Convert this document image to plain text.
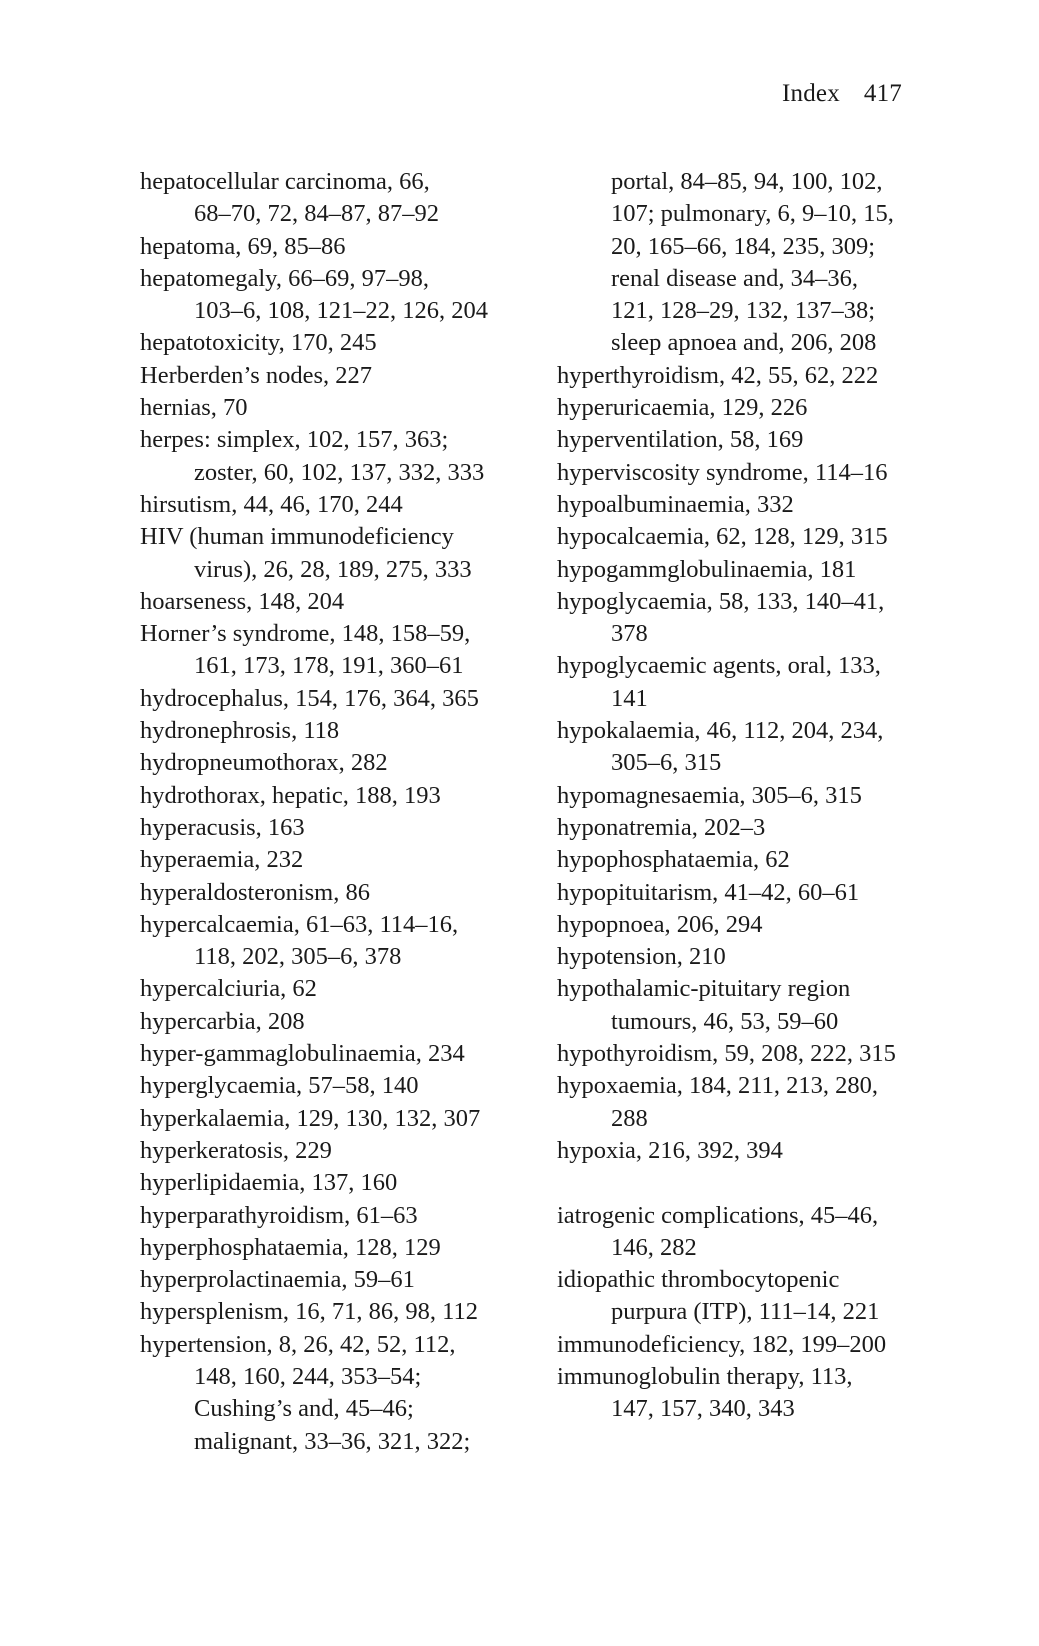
Index 417
hepatocellular carcinoma, 66,
68–70, 72, 84–87, 87–92
hepatoma, 69, 85–86
hepatomegaly, 66–69, 97–98,
103–6, 108, 121–22, 126, 204
hepatotoxicity, 170, 245
Herberden’s nodes, 227
hernias, 70
herpes: simplex, 102, 157, 363;
zoster, 60, 102, 137, 332, 333
hirsutism, 44, 46, 170, 244
HIV (human immunodeficiency
virus), 26, 28, 189, 275, 333
hoarseness, 148, 204
Horner’s syndrome, 148, 158–59,
161, 173, 178, 191, 360–61
hydrocephalus, 154, 176, 364, 365
hydronephrosis, 118
hydropneumothorax, 282
hydrothorax, hepatic, 188, 193
hyperacusis, 163
hyperaemia, 232
hyperaldosteronism, 86
hypercalcaemia, 61–63, 114–16,
118, 202, 305–6, 378
hypercalciuria, 62
hypercarbia, 208
hyper-gammaglobulinaemia, 234
hyperglycaemia, 57–58, 140
hyperkalaemia, 129, 130, 132, 307
hyperkeratosis, 229
hyperlipidaemia, 137, 160
hyperparathyroidism, 61–63
hyperphosphataemia, 128, 129
hyperprolactinaemia, 59–61
hypersplenism, 16, 71, 86, 98, 112
hypertension, 8, 26, 42, 52, 112,
148, 160, 244, 353–54;
Cushing’s and, 45–46;
malignant, 33–36, 321, 322;
portal, 84–85, 94, 100, 102,
107; pulmonary, 6, 9–10, 15,
20, 165–66, 184, 235, 309;
renal disease and, 34–36,
121, 128–29, 132, 137–38;
sleep apnoea and, 206, 208
hyperthyroidism, 42, 55, 62, 222
hyperuricaemia, 129, 226
hyperventilation, 58, 169
hyperviscosity syndrome, 114–16
hypoalbuminaemia, 332
hypocalcaemia, 62, 128, 129, 315
hypogammglobulinaemia, 181
hypoglycaemia, 58, 133, 140–41,
378
hypoglycaemic agents, oral, 133,
141
hypokalaemia, 46, 112, 204, 234,
305–6, 315
hypomagnesaemia, 305–6, 315
hyponatremia, 202–3
hypophosphataemia, 62
hypopituitarism, 41–42, 60–61
hypopnoea, 206, 294
hypotension, 210
hypothalamic-pituitary region
tumours, 46, 53, 59–60
hypothyroidism, 59, 208, 222, 315
hypoxaemia, 184, 211, 213, 280,
288
hypoxia, 216, 392, 394
iatrogenic complications, 45–46,
146, 282
idiopathic thrombocytopenic
purpura (ITP), 111–14, 221
immunodeficiency, 182, 199–200
immunoglobulin therapy, 113,
147, 157, 340, 343
